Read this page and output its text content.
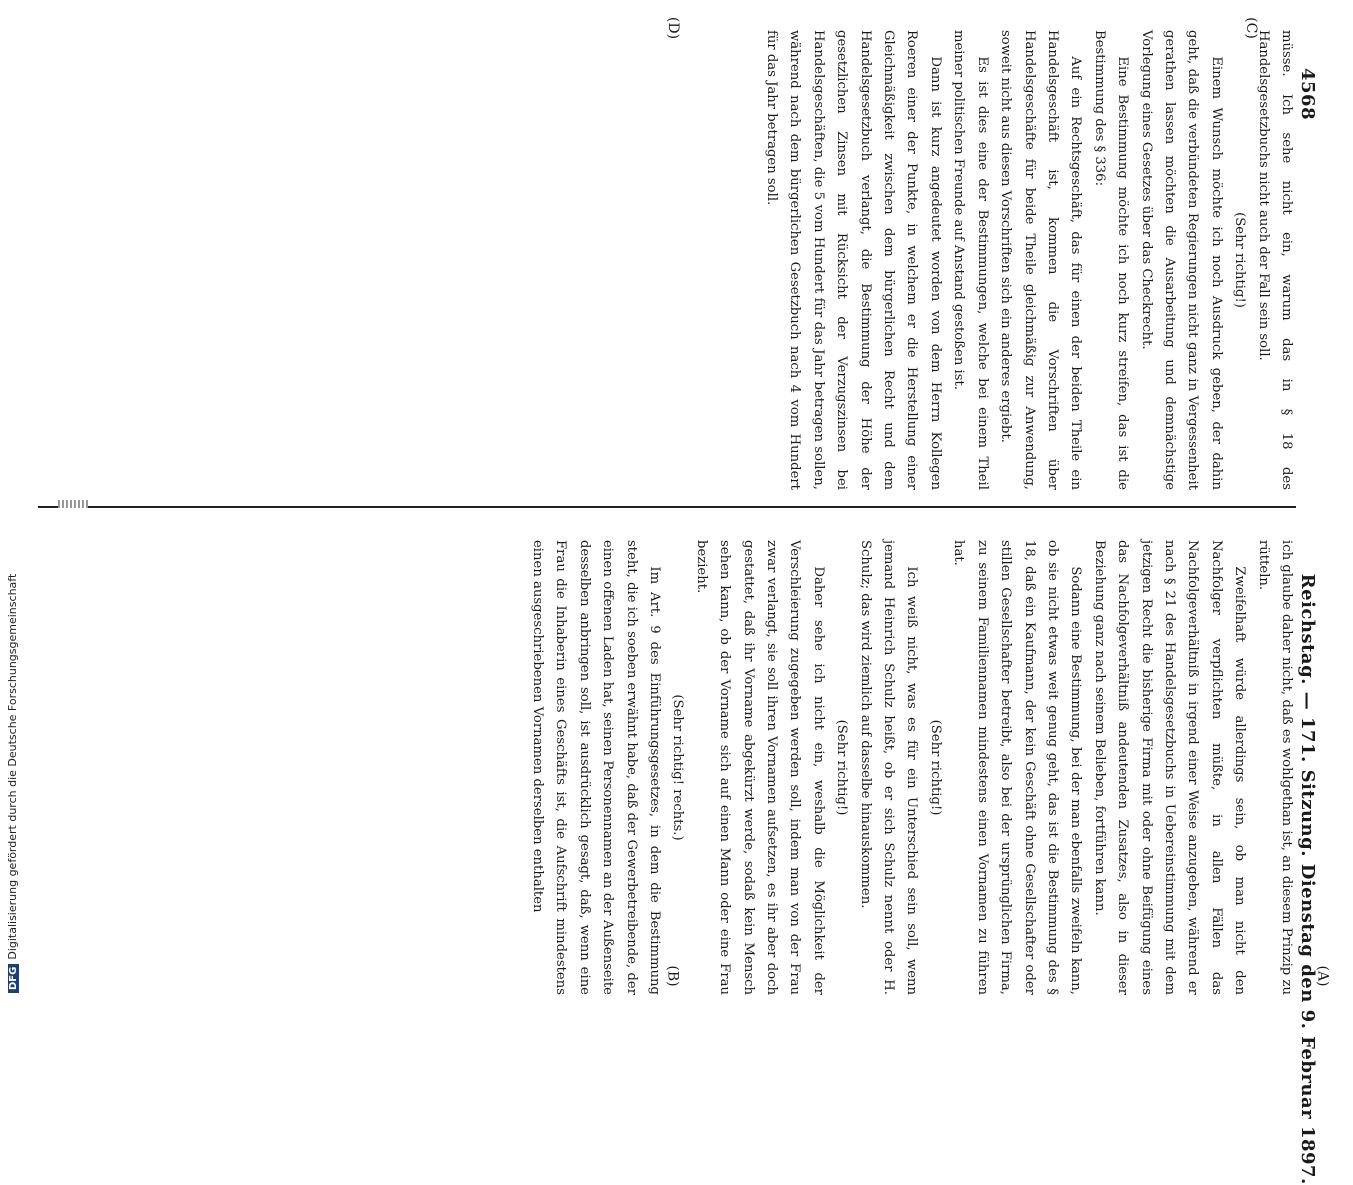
4568  Reichstag. — 171. Sitzung. Dienstag den 9. Februar 1897.

ich glaube daher nicht, daß es wohlgethan ist, an diesem Prinzip zu rütteln.

Zweifelhaft würde allerdings sein, ob man nicht den Nachfolger verpflichten müßte, in allen Fällen das Nachfolgeverhältniß in irgend einer Weise anzugeben, während er nach § 21 des Handelsgesetzbuchs in Uebereinstimmung mit dem jetzigen Recht die bisherige Firma mit oder ohne Beifügung eines das Nachfolgeverhältniß andeutenden Zusatzes, also in dieser Beziehung ganz nach seinem Belieben, fortführen kann.

Sodann eine Bestimmung, bei der man ebenfalls zweifeln kann, ob sie nicht etwas weit genug geht, das ist die Bestimmung des § 18, daß ein Kaufmann, der kein Geschäft ohne Gesellschafter oder stillen Gesellschafter betreibt, also bei der ursprünglichen Firma, zu seinem Familiennamen mindestens einen Vornamen zu führen hat.

(Sehr richtig!)

Ich weiß nicht, was es für ein Unterschied sein soll, wenn jemand Heinrich Schulz heißt, ob er sich Schulz nennt oder H. Schulz; das wird ziemlich auf dasselbe hinauskommen.

(Sehr richtig!)

Daher sehe ich nicht ein, weshalb die Möglichkeit der Verschleierung zugegeben werden soll, indem man von der Frau zwar verlangt, sie soll ihren Vornamen aufsetzen, es ihr aber doch gestattet, daß ihr Vorname abgekürzt werde, sodaß kein Mensch sehen kann, ob der Vorname sich auf einen Mann oder eine Frau bezieht.

(Sehr richtig! rechts.)

Im Art. 9 des Einführungsgesetzes, in dem die Bestimmung steht, die ich soeben erwähnt habe, daß der Gewerbetreibende, der einen offenen Laden hat, seinen Personennamen an der Außenseite desselben anbringen soll, ist ausdrücklich gesagt, daß, wenn eine Frau die Inhaberin eines Geschäfts ist, die Aufschrift mindestens einen ausgeschriebenen Vornamen derselben enthalten

müsse. Ich sehe nicht ein, warum das in § 18 des Handelsgesetzbuchs nicht auch der Fall sein soll.

(Sehr richtig!)

Einem Wunsch möchte ich noch Ausdruck geben, der dahin geht, daß die verbündeten Regierungen nicht ganz in Vergessenheit gerathen lassen möchten die Ausarbeitung und demnächstige Vorlegung eines Gesetzes über das Checkrecht.

Eine Bestimmung möchte ich noch kurz streifen, das ist die Bestimmung des § 336:

Auf ein Rechtsgeschäft, das für einen der beiden Theile ein Handelsgeschäft ist, kommen die Vorschriften über Handelsgeschäfte für beide Theile gleichmäßig zur Anwendung, soweit nicht aus diesen Vorschriften sich ein anderes ergiebt.

Es ist dies eine der Bestimmungen, welche bei einem Theil meiner politischen Freunde auf Anstand gestoßen ist.

Dann ist kurz angedeutet worden von dem Herrn Kollegen Roeren einer der Punkte, in welchem er die Herstellung einer Gleichmäßigkeit zwischen dem bürgerlichen Recht und dem Handelsgesetzbuch verlangt, die Bestimmung der Höhe der gesetzlichen Zinsen mit Rücksicht der Verzugszinsen bei Handelsgeschäften, die 5 vom Hundert für das Jahr betragen sollen, während nach dem bürgerlichen Gesetzbuch nach 4 vom Hundert für das Jahr betragen soll.

(A)
(B)
(C)
(D)
DFGDigitalisierung gefördert durch die Deutsche Forschungsgemeinschaft
